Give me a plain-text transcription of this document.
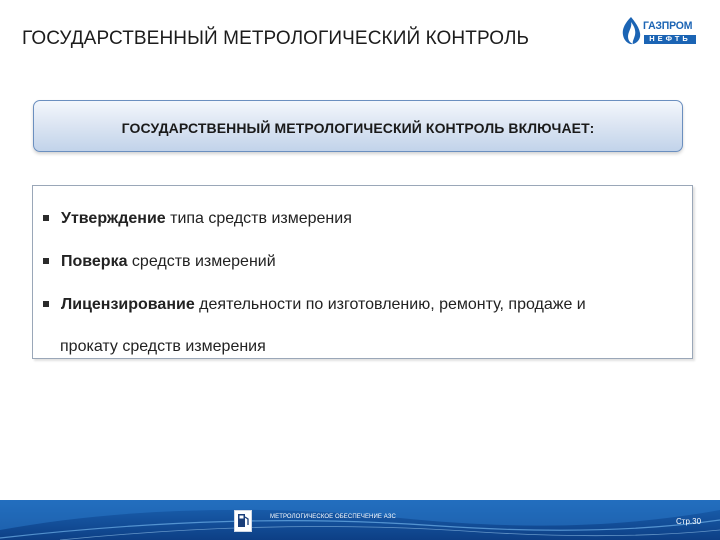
ГОСУДАРСТВЕННЫЙ МЕТРОЛОГИЧЕСКИЙ КОНТРОЛЬ
ГАЗПРОМ
НЕФТЬ
ГОСУДАРСТВЕННЫЙ МЕТРОЛОГИЧЕСКИЙ КОНТРОЛЬ ВКЛЮЧАЕТ:
Утверждение типа средств измерения
Поверка средств измерений
Лицензирование деятельности по изготовлению, ремонту, продаже и
прокату средств измерения
МЕТРОЛОГИЧЕСКОЕ ОБЕСПЕЧЕНИЕ АЗС	Стр.30
